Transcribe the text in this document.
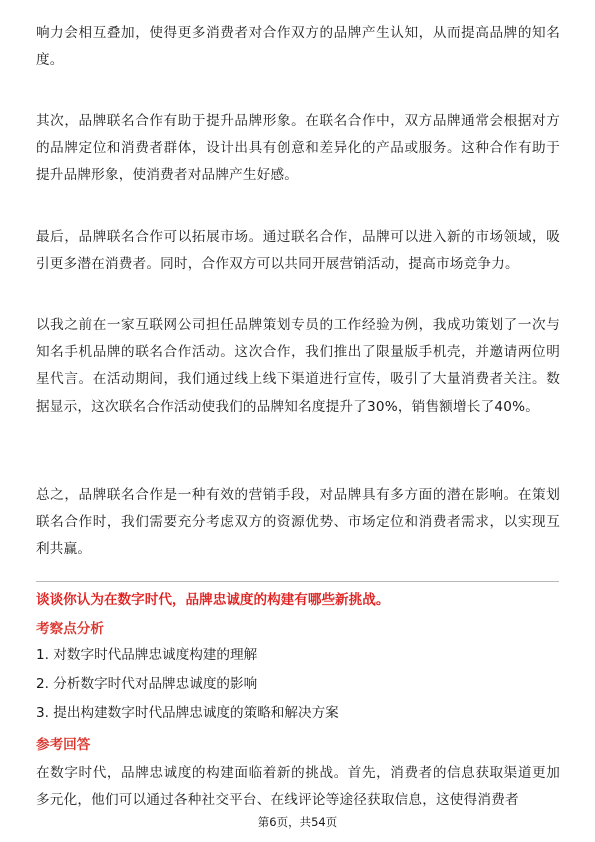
响力会相互叠加，使得更多消费者对合作双方的品牌产生认知，从而提高品牌的知名度。

其次，品牌联名合作有助于提升品牌形象。在联名合作中，双方品牌通常会根据对方的品牌定位和消费者群体，设计出具有创意和差异化的产品或服务。这种合作有助于提升品牌形象，使消费者对品牌产生好感。

最后，品牌联名合作可以拓展市场。通过联名合作，品牌可以进入新的市场领域，吸引更多潜在消费者。同时，合作双方可以共同开展营销活动，提高市场竞争力。

以我之前在一家互联网公司担任品牌策划专员的工作经验为例，我成功策划了一次与知名手机品牌的联名合作活动。这次合作，我们推出了限量版手机壳，并邀请两位明星代言。在活动期间，我们通过线上线下渠道进行宣传，吸引了大量消费者关注。数据显示，这次联名合作活动使我们的品牌知名度提升了30%，销售额增长了40%。

总之，品牌联名合作是一种有效的营销手段，对品牌具有多方面的潜在影响。在策划联名合作时，我们需要充分考虑双方的资源优势、市场定位和消费者需求，以实现互利共赢。

谈谈你认为在数字时代，品牌忠诚度的构建有哪些新挑战。

考察点分析

1. 对数字时代品牌忠诚度构建的理解

2. 分析数字时代对品牌忠诚度的影响

3. 提出构建数字时代品牌忠诚度的策略和解决方案

参考回答

在数字时代，品牌忠诚度的构建面临着新的挑战。首先，消费者的信息获取渠道更加多元化，他们可以通过各种社交平台、在线评论等途径获取信息，这使得消费者

第6页，共54页
